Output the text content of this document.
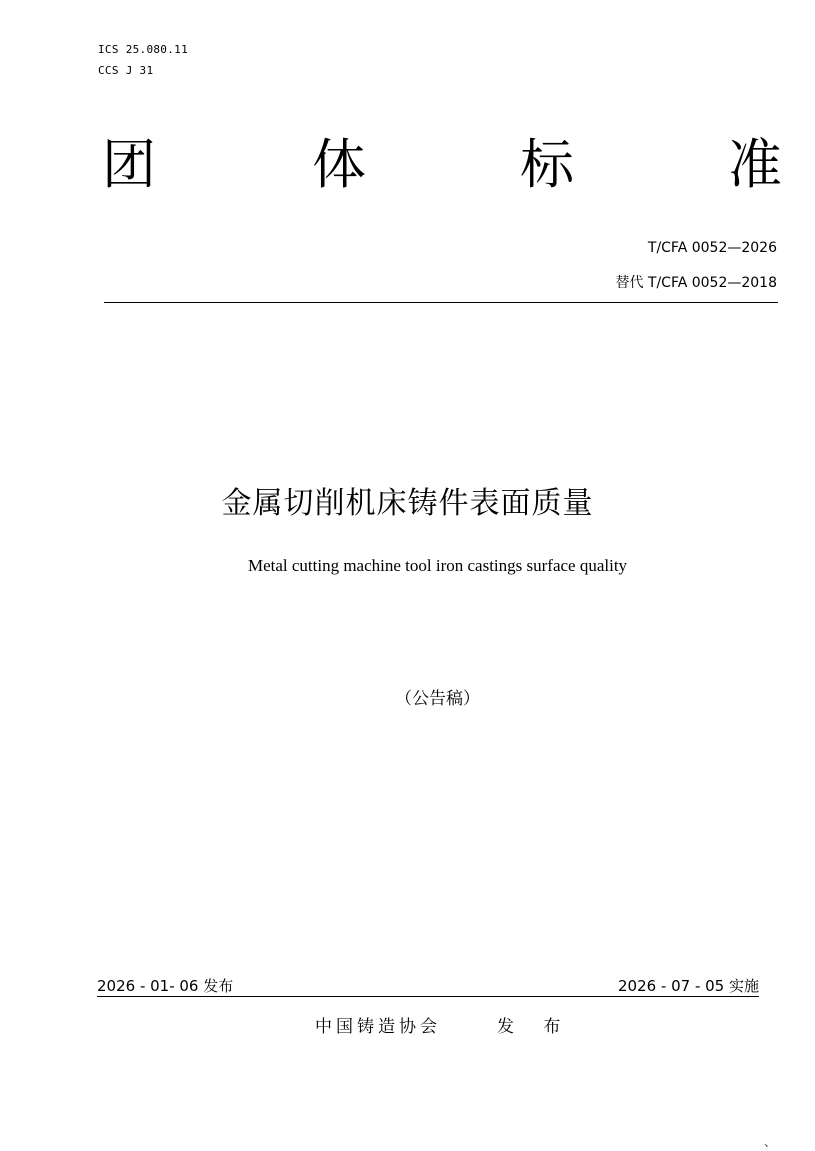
ICS 25.080.11
CCS J 31
团	体	标	准
T/CFA 0052—2026
替代 T/CFA 0052—2018
金属切削机床铸件表面质量
Metal cutting machine tool iron castings surface quality
（公告稿）
2026 - 01- 06 发布	2026 - 07 - 05 实施
中国铸造协会	发 布
、
